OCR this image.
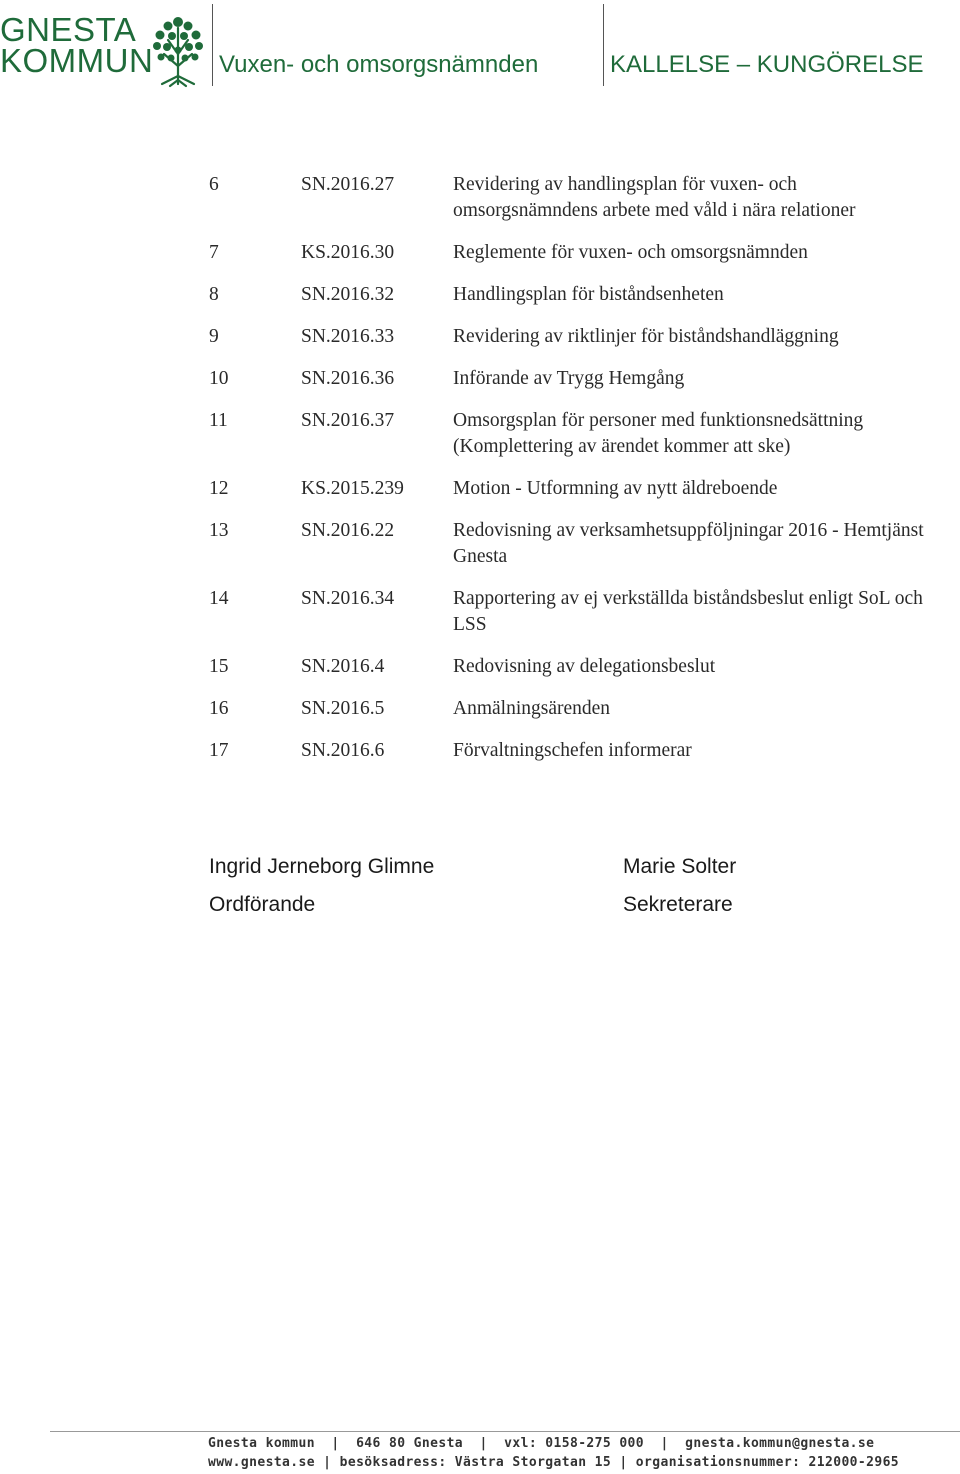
GNESTA
KOMMUN	Vuxen- och omsorgsnämnden	KALLELSE – KUNGÖRELSE
6	SN.2016.27	Revidering av handlingsplan för vuxen- och omsorgsnämndens arbete med våld i nära relationer
7	KS.2016.30	Reglemente för vuxen- och omsorgsnämnden
8	SN.2016.32	Handlingsplan för biståndsenheten
9	SN.2016.33	Revidering av riktlinjer för biståndshandläggning
10	SN.2016.36	Införande av Trygg Hemgång
11	SN.2016.37	Omsorgsplan för personer med funktionsnedsättning (Komplettering av ärendet kommer att ske)
12	KS.2015.239	Motion - Utformning av nytt äldreboende
13	SN.2016.22	Redovisning av verksamhetsuppföljningar 2016 - Hemtjänst Gnesta
14	SN.2016.34	Rapportering av ej verkställda biståndsbeslut enligt SoL och LSS
15	SN.2016.4	Redovisning av delegationsbeslut
16	SN.2016.5	Anmälningsärenden
17	SN.2016.6	Förvaltningschefen informerar
Ingrid Jerneborg Glimne
Ordförande
Marie Solter
Sekreterare
Gnesta kommun  |  646 80 Gnesta  |  vxl: 0158-275 000  |  gnesta.kommun@gnesta.se
www.gnesta.se | besöksadress: Västra Storgatan 15 | organisationsnummer: 212000-2965
